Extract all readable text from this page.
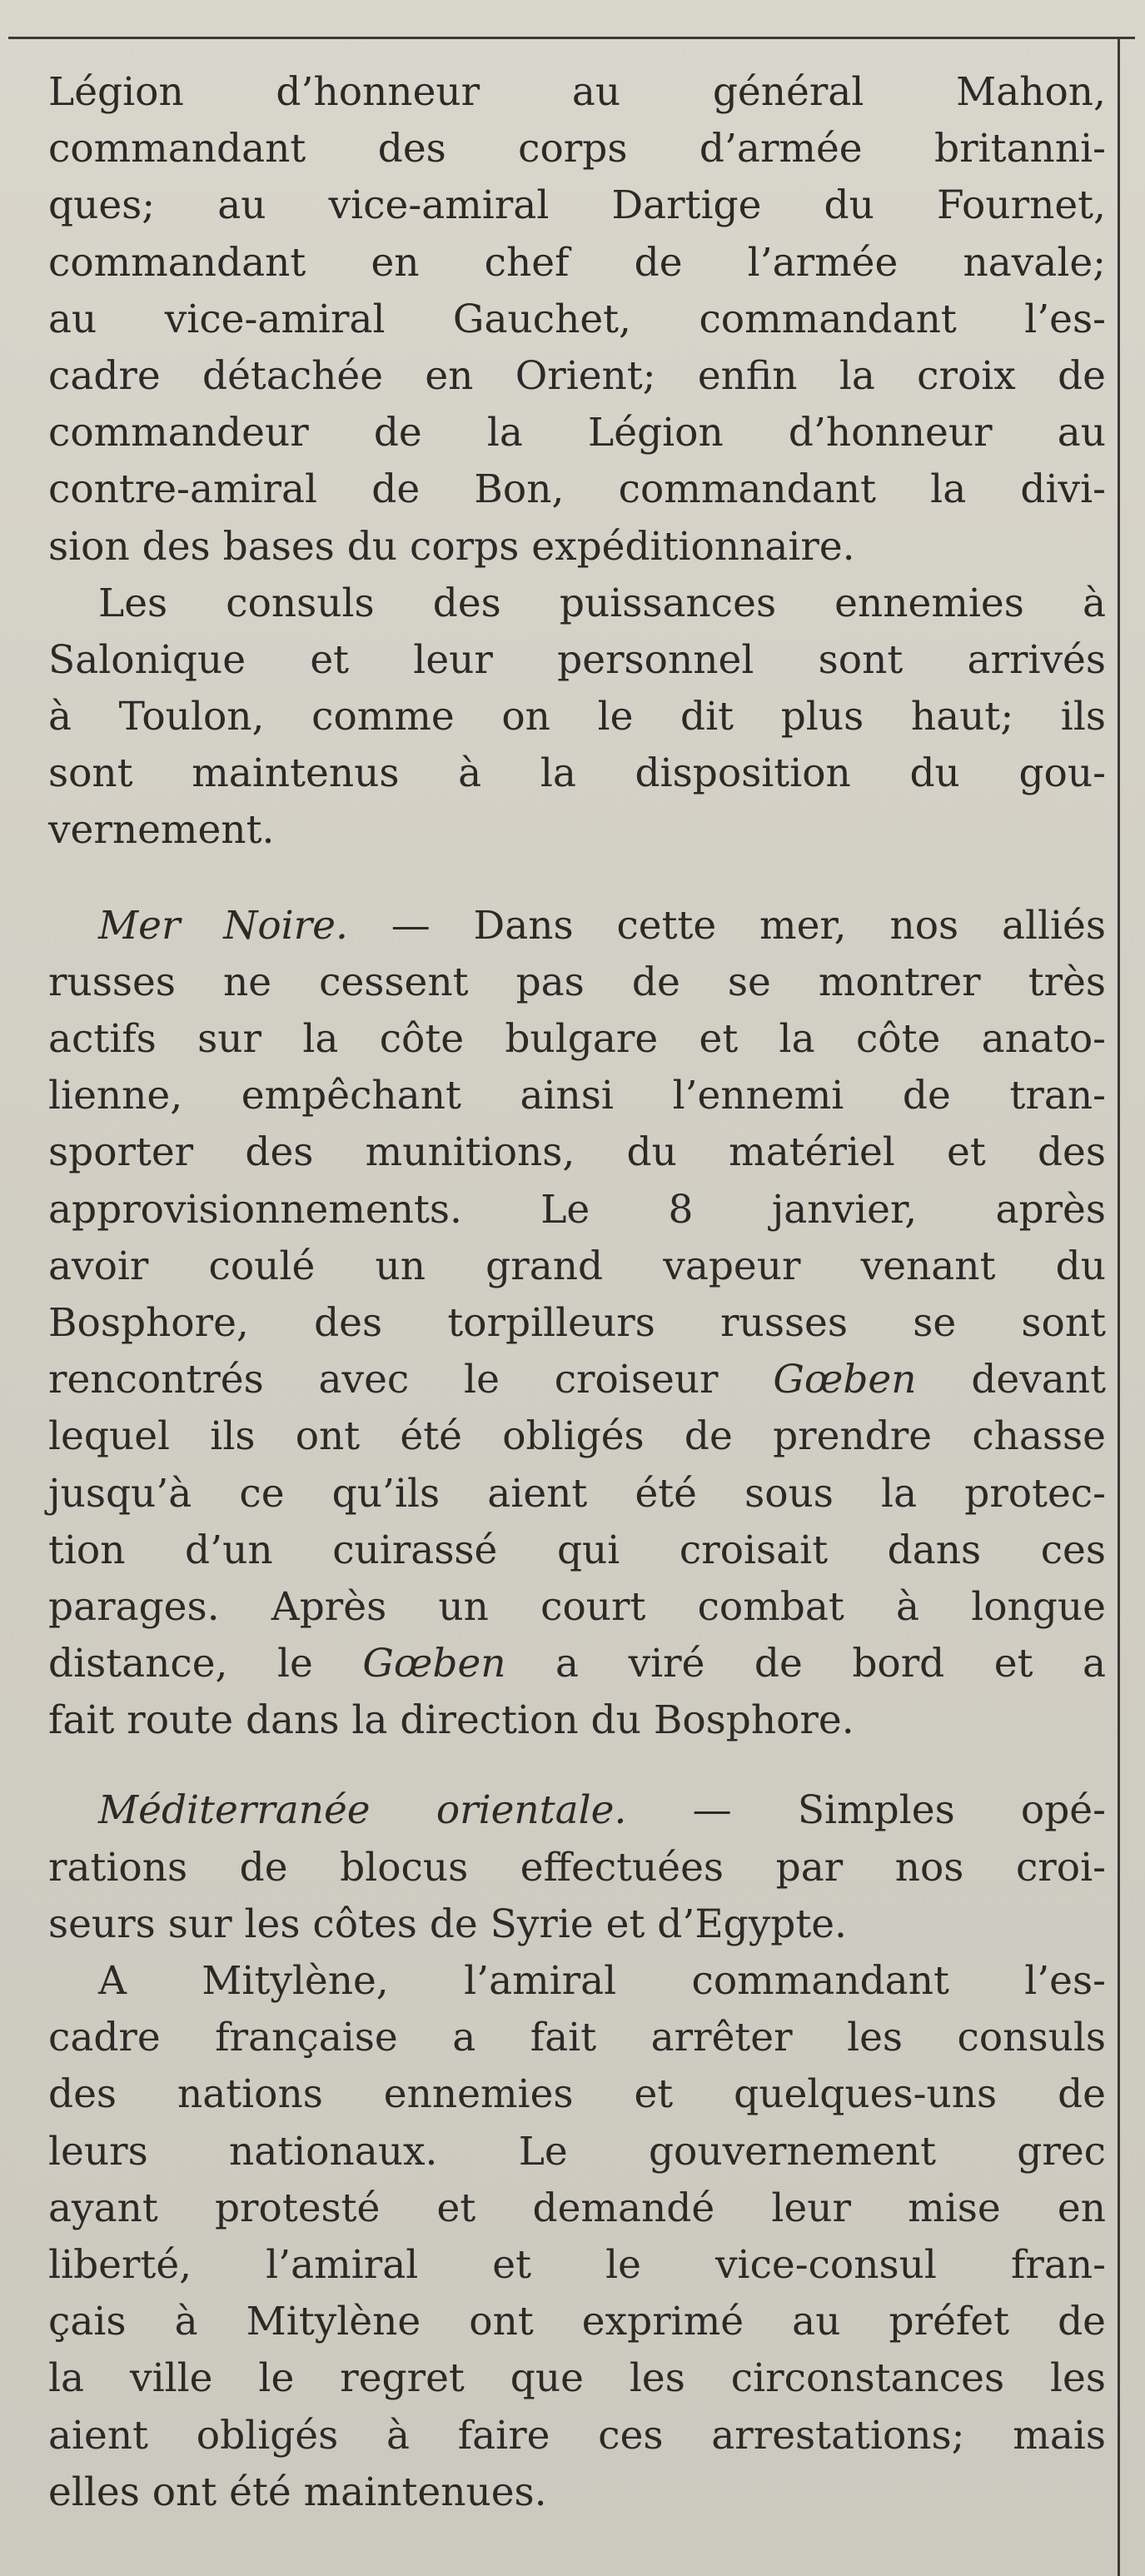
Légion d’honneur au général Mahon,
commandant des corps d’armée britanni-
ques; au vice-amiral Dartige du Fournet,
commandant en chef de l’armée navale;
au vice-amiral Gauchet, commandant l’es-
cadre détachée en Orient; enfin la croix de
commandeur de la Légion d’honneur au
contre-amiral de Bon, commandant la divi-
sion des bases du corps expéditionnaire.
Les consuls des puissances ennemies à
Salonique et leur personnel sont arrivés
à Toulon, comme on le dit plus haut; ils
sont maintenus à la disposition du gou-
vernement.
Mer Noire. — Dans cette mer, nos alliés
russes ne cessent pas de se montrer très
actifs sur la côte bulgare et la côte anato-
lienne, empêchant ainsi l’ennemi de tran-
sporter des munitions, du matériel et des
approvisionnements. Le 8 janvier, après
avoir coulé un grand vapeur venant du
Bosphore, des torpilleurs russes se sont
rencontrés avec le croiseur Gœben devant
lequel ils ont été obligés de prendre chasse
jusqu’à ce qu’ils aient été sous la protec-
tion d’un cuirassé qui croisait dans ces
parages. Après un court combat à longue
distance, le Gœben a viré de bord et a
fait route dans la direction du Bosphore.
Méditerranée orientale. — Simples opé-
rations de blocus effectuées par nos croi-
seurs sur les côtes de Syrie et d’Egypte.
A Mitylène, l’amiral commandant l’es-
cadre française a fait arrêter les consuls
des nations ennemies et quelques-uns de
leurs nationaux. Le gouvernement grec
ayant protesté et demandé leur mise en
liberté, l’amiral et le vice-consul fran-
çais à Mitylène ont exprimé au préfet de
la ville le regret que les circonstances les
aient obligés à faire ces arrestations; mais
elles ont été maintenues.
